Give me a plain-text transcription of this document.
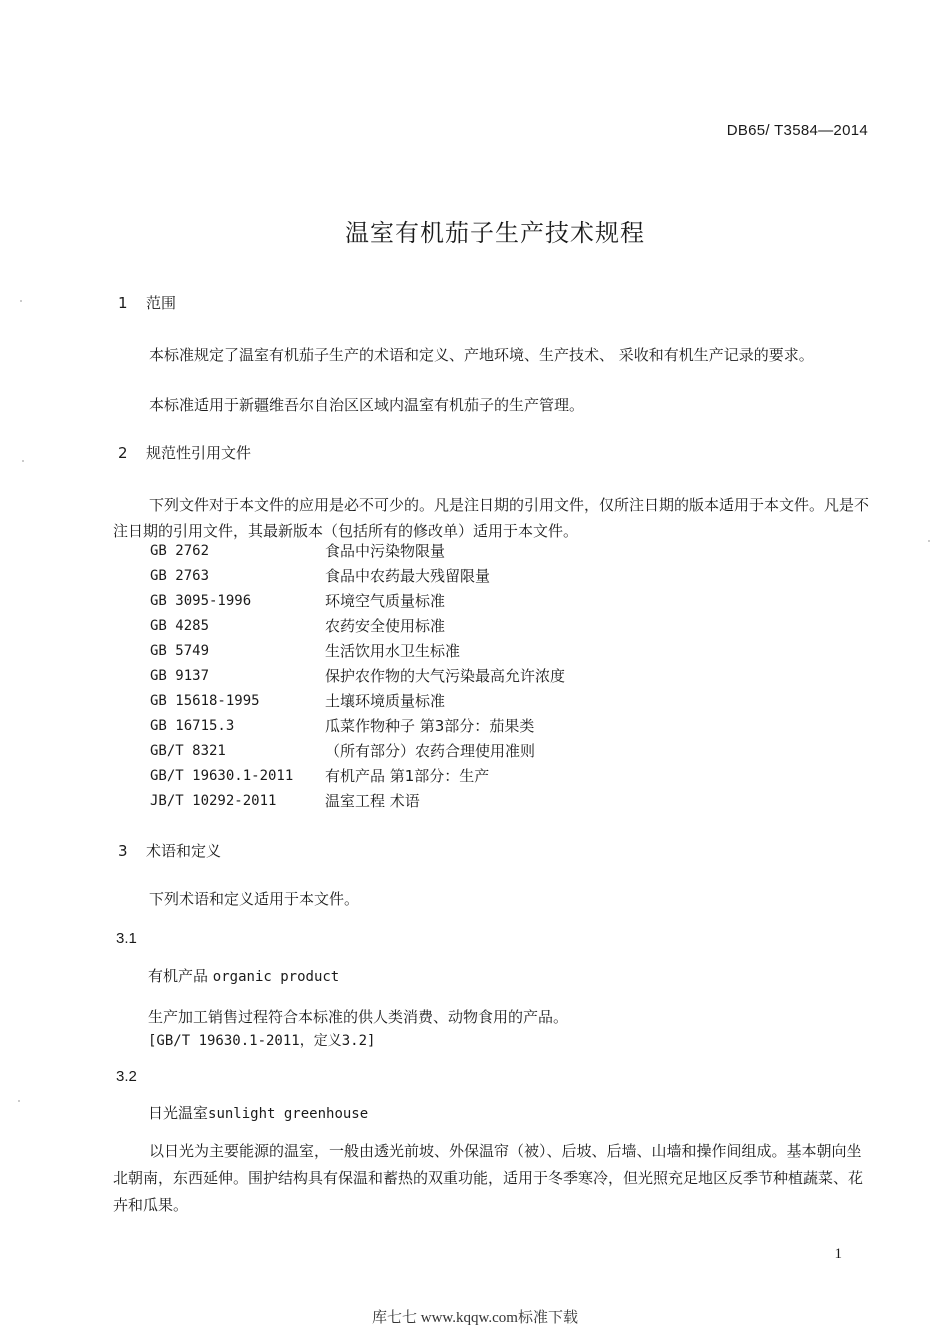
DB65/ T3584—2014
温室有机茄子生产技术规程
1 范围
本标准规定了温室有机茄子生产的术语和定义、产地环境、生产技术、 采收和有机生产记录的要求。
本标准适用于新疆维吾尔自治区区域内温室有机茄子的生产管理。
2 规范性引用文件
下列文件对于本文件的应用是必不可少的。凡是注日期的引用文件，仅所注日期的版本适用于本文件。凡是不注日期的引用文件，其最新版本（包括所有的修改单）适用于本文件。
GB 2762	食品中污染物限量
GB 2763	食品中农药最大残留限量
GB 3095-1996	环境空气质量标准
GB 4285	农药安全使用标准
GB 5749	生活饮用水卫生标准
GB 9137	保护农作物的大气污染最高允许浓度
GB 15618-1995	土壤环境质量标准
GB 16715.3	瓜菜作物种子 第3部分：茄果类
GB/T 8321	（所有部分）农药合理使用准则
GB/T 19630.1-2011	有机产品 第1部分：生产
JB/T 10292-2011	温室工程 术语
3 术语和定义
下列术语和定义适用于本文件。
3.1
有机产品 organic product
生产加工销售过程符合本标准的供人类消费、动物食用的产品。
[GB/T 19630.1-2011，定义3.2]
3.2
日光温室sunlight greenhouse
以日光为主要能源的温室，一般由透光前坡、外保温帘（被）、后坡、后墙、山墙和操作间组成。基本朝向坐北朝南，东西延伸。围护结构具有保温和蓄热的双重功能，适用于冬季寒冷，但光照充足地区反季节种植蔬菜、花卉和瓜果。
1
库七七 www.kqqw.com标准下载
